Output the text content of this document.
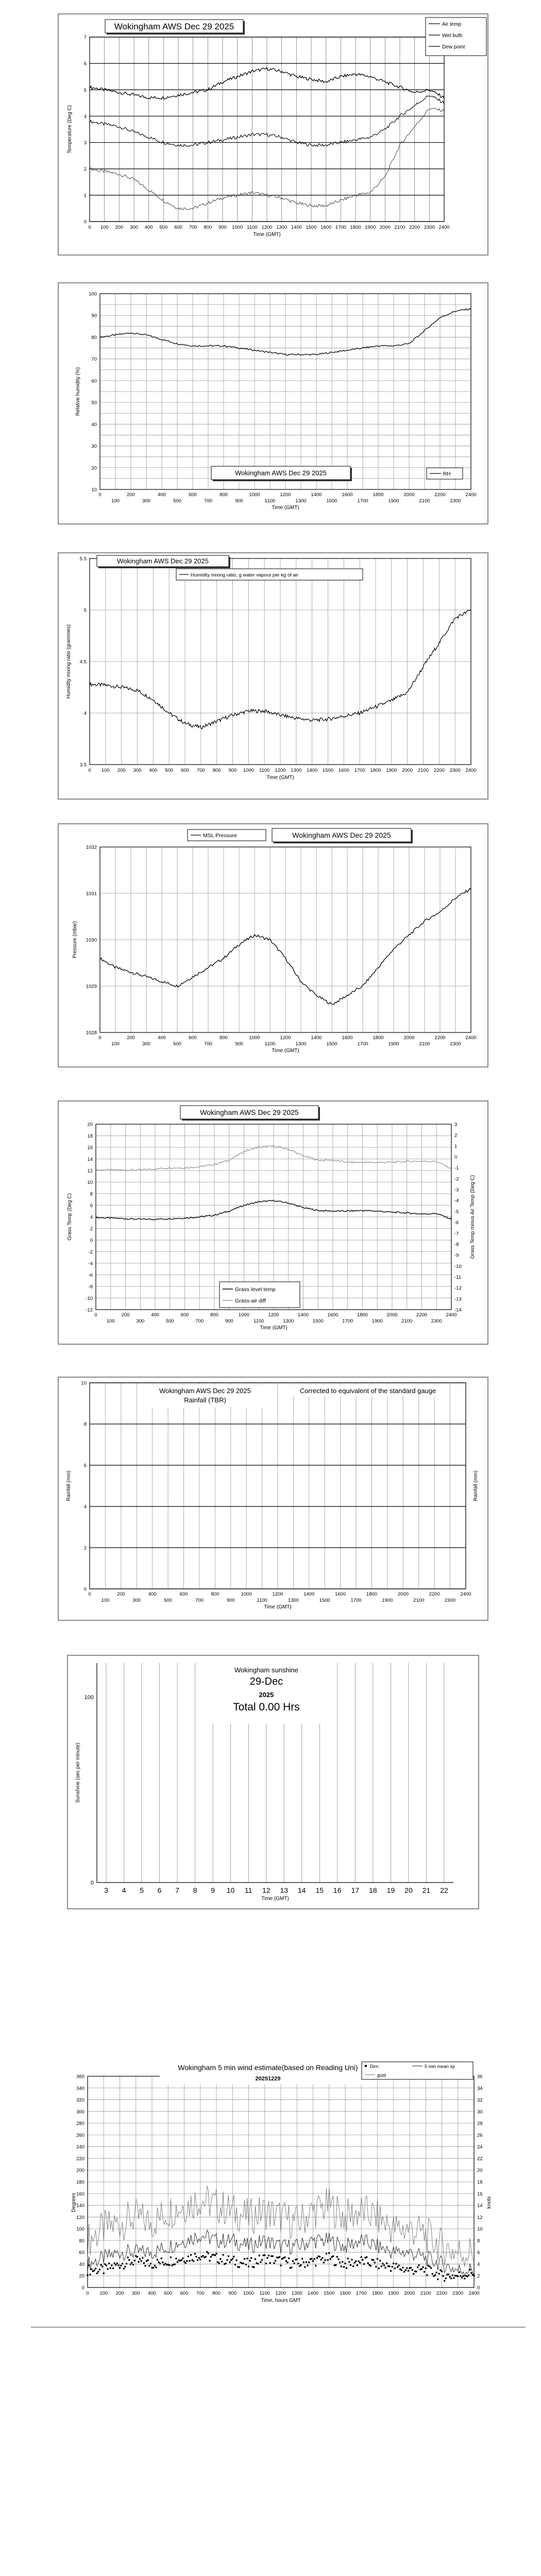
0
1
2
3
4
5
6
7
0 100 200 300 400 500 600 700 800 900 1000 1100 1200 1300 1400 1500 1600 1700 1800 1900 2000 2100 2200 2300 2400
Temperature (Deg C)
Time (GMT)
Wokingham AWS Dec 29 2025	Air temp
Wet bulb
Dew point
10
20
30
40
50
60
70
80
90
100
0	200	400	600	800	1000	1200	1400	1600	1800	2000	2200	2400
100	300	500	700	900	1100	1300	1500	1700	1900	2100	2300
Relative humidity (%)
Time (GMT)
Wokingham AWS Dec 29 2025	RH
3.5
4
4.5
5
5.5
0 100 200 300 400 500 600 700 800 900 1000 1100 1200 1300 1400 1500 1600 1700 1800 1900 2000 2100 2200 2300 2400
Humidity mixing ratio (grammes)
Time (GMT)
Wokingham AWS Dec 29 2025
Humidity mixing ratio, g water vapour per kg of air
1028
1029
1030
1031
1032
0	200	400	600	800	1000	1200	1400	1600	1800	2000	2200	2400
100	300	500	700	900	1100	1300	1500	1700	1900	2100	2300
Pressure (mbar)
Time (GMT)
MSL Pressure	Wokingham AWS Dec 29 2025
-12
-10
-8
-6
-4
-2
0
2
4
6
8
10
12
14
16
18
20
-14
-13
-12
-11
-10
-9
-8
-7
-6
-5
-4
-3
-2
-1
0
1
2
3
0	200	400	600	800	1000	1200	1400	1600	1800	2000	2200	2400
100	300	500	700	900	1100	1300	1500	1700	1900	2100	2300
Grass Temp (Deg C)	Grass Temp minus Air Temp (Deg C)
Time (GMT)
Wokingham AWS Dec 29 2025
Grass level temp
Grass-air diff
0
2
4
6
8
10
0	200	400	600	800	1000	1200	1400	1600	1800	2000	2200	2400
100	300	500	700	900	1100	1300	1500	1700	1900	2100	2300
Rainfall (mm)	Rainfall (mm)
Time (GMT)
Wokingham AWS Dec 29 2025
Rainfall (TBR)
Corrected to equivalent of the standard gauge
3 4 5 6 7 8 9 10 11 12 13 14 15 16 17 18 19 20 21 22
0
100
Sunshine (sec per minute)
Time (GMT)
Wokingham sunshine
29-Dec
2025
Total 0.00 Hrs
0
20
40
60
80
100
120
140
160
180
200
220
240
260
280
300
320
340
360
0
2
4
6
8
10
12
14
16
18
20
22
24
26
28
30
32
34
36
0 100 200 300 400 500 600 700 800 900 1000 1100 1200 1300 1400 1500 1600 1700 1800 1900 2000 2100 2200 2300 2400
Degrees	knots
Time, hours GMT
Wokingham 5 min wind estimate(based on Reading Uni)
20251229
Dirn	5 min mean sp
gust
